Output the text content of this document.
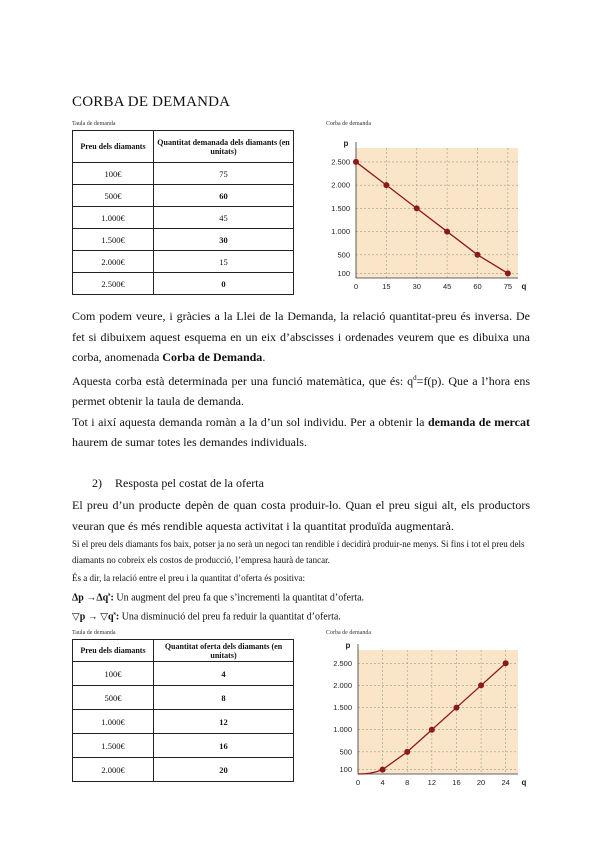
CORBA DE DEMANDA
Taula de demanda
Preu dels diamants	Quantitat demanada dels diamants (en unitats)
100€	75
500€	60
1.000€	45
1.500€	30
2.000€	15
2.500€	0
Corba de demanda
0	15	30	45	60	75
100
500
1.000
1.500
2.000
2.500
p
q
Com podem veure, i gràcies a la Llei de la Demanda, la relació quantitat-preu és inversa. De fet si dibuixem aquest esquema en un eix d’abscisses i ordenades veurem que es dibuixa una corba, anomenada Corba de Demanda.
Aquesta corba està determinada per una funció matemàtica, que és: $q^d=f(p)$. Que a l’hora ens permet obtenir la taula de demanda.
Tot i així aquesta demanda romàn a la d’un sol individu. Per a obtenir la demanda de mercat haurem de sumar totes les demandes individuals.
2) Resposta pel costat de la oferta
El preu d’un producte depèn de quan costa produir-lo. Quan el preu sigui alt, els productors veuran que és més rendible aquesta activitat i la quantitat produïda augmentarà.
Si el preu dels diamants fos baix, potser ja no serà un negoci tan rendible i decidirà produir-ne menys. Si fins i tot el preu dels diamants no cobreix els costos de producció, l’empresa haurà de tancar.
És a dir, la relació entre el preu i la quantitat d’oferta és positiva:
$\Delta p \to\Delta q^s$: Un augment del preu fa que s’incrementi la quantitat d’oferta.
▽p → $▽q^s$: Una disminució del preu fa reduir la quantitat d’oferta.
Taula de demanda
Preu dels diamants	Quantitat oferta dels diamants (en unitats)
100€	4
500€	8
1.000€	12
1.500€	16
2.000€	20
Corba de demanda
0	4	8 12 16 20 24
100
500
1.000
1.500
2.000
2.500
p
q
